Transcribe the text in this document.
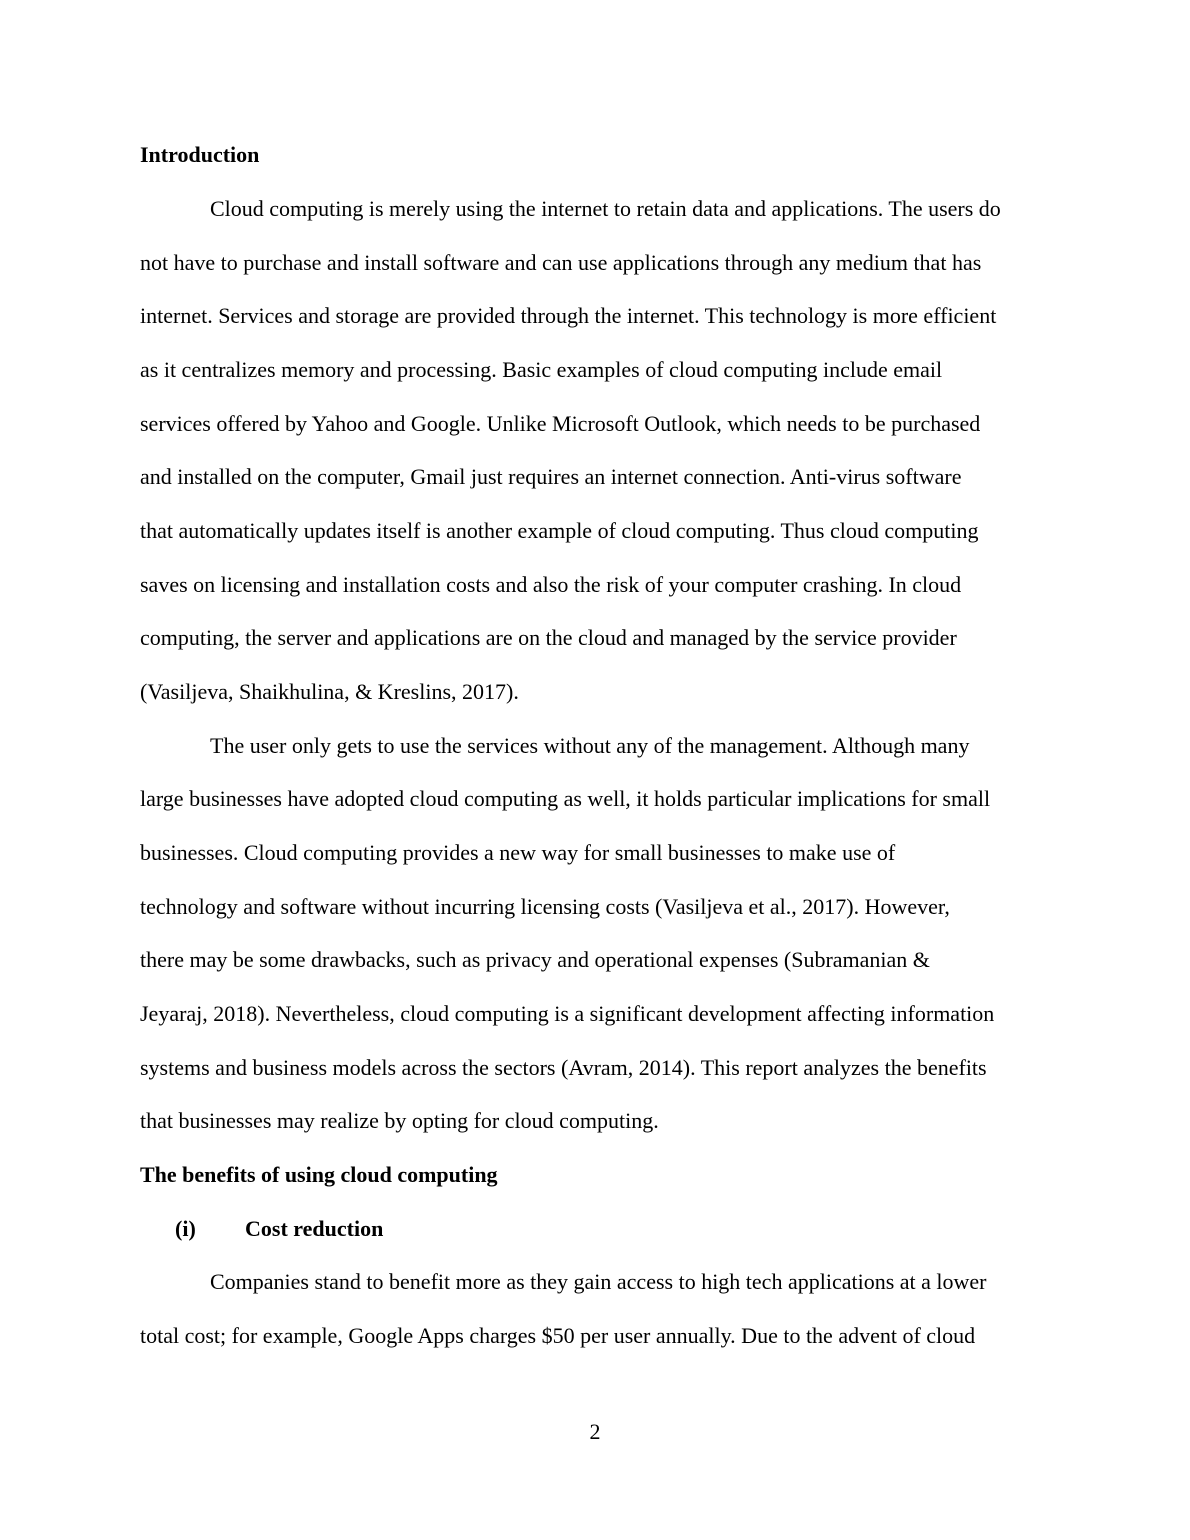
Introduction
Cloud computing is merely using the internet to retain data and applications. The users do
not have to purchase and install software and can use applications through any medium that has
internet. Services and storage are provided through the internet. This technology is more efficient
as it centralizes memory and processing. Basic examples of cloud computing include email
services offered by Yahoo and Google. Unlike Microsoft Outlook, which needs to be purchased
and installed on the computer, Gmail just requires an internet connection. Anti-virus software
that automatically updates itself is another example of cloud computing. Thus cloud computing
saves on licensing and installation costs and also the risk of your computer crashing. In cloud
computing, the server and applications are on the cloud and managed by the service provider
(Vasiljeva, Shaikhulina, & Kreslins, 2017).
The user only gets to use the services without any of the management. Although many
large businesses have adopted cloud computing as well, it holds particular implications for small
businesses. Cloud computing provides a new way for small businesses to make use of
technology and software without incurring licensing costs (Vasiljeva et al., 2017). However,
there may be some drawbacks, such as privacy and operational expenses (Subramanian &
Jeyaraj, 2018). Nevertheless, cloud computing is a significant development affecting information
systems and business models across the sectors (Avram, 2014). This report analyzes the benefits
that businesses may realize by opting for cloud computing.
The benefits of using cloud computing
(i) Cost reduction
Companies stand to benefit more as they gain access to high tech applications at a lower
total cost; for example, Google Apps charges $50 per user annually. Due to the advent of cloud
2
